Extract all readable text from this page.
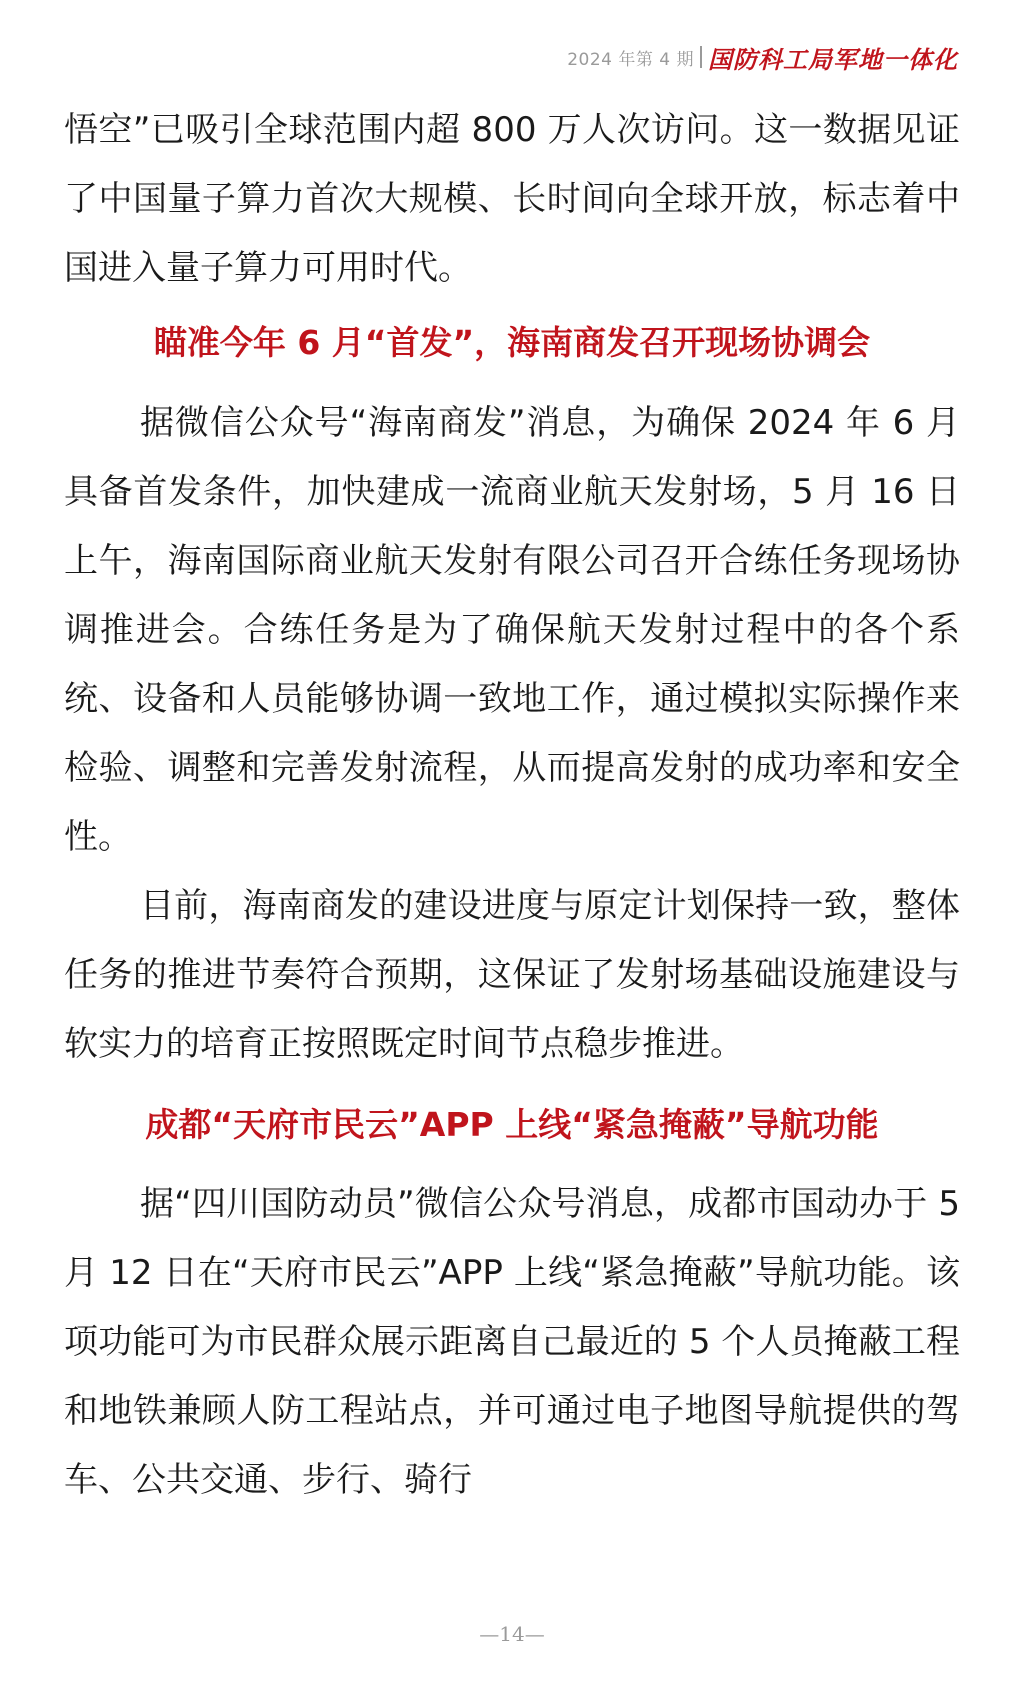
2024 年第 4 期 国防科工局军地一体化

悟空”已吸引全球范围内超 800 万人次访问。这一数据见证了中国量子算力首次大规模、长时间向全球开放，标志着中国进入量子算力可用时代。

瞄准今年 6 月“首发”，海南商发召开现场协调会

据微信公众号“海南商发”消息，为确保 2024 年 6 月具备首发条件，加快建成一流商业航天发射场，5 月 16 日上午，海南国际商业航天发射有限公司召开合练任务现场协调推进会。合练任务是为了确保航天发射过程中的各个系统、设备和人员能够协调一致地工作，通过模拟实际操作来检验、调整和完善发射流程，从而提高发射的成功率和安全性。

目前，海南商发的建设进度与原定计划保持一致，整体任务的推进节奏符合预期，这保证了发射场基础设施建设与软实力的培育正按照既定时间节点稳步推进。

成都“天府市民云”APP 上线“紧急掩蔽”导航功能

据“四川国防动员”微信公众号消息，成都市国动办于 5 月 12 日在“天府市民云”APP 上线“紧急掩蔽”导航功能。该项功能可为市民群众展示距离自己最近的 5 个人员掩蔽工程和地铁兼顾人防工程站点，并可通过电子地图导航提供的驾车、公共交通、步行、骑行

—14—
